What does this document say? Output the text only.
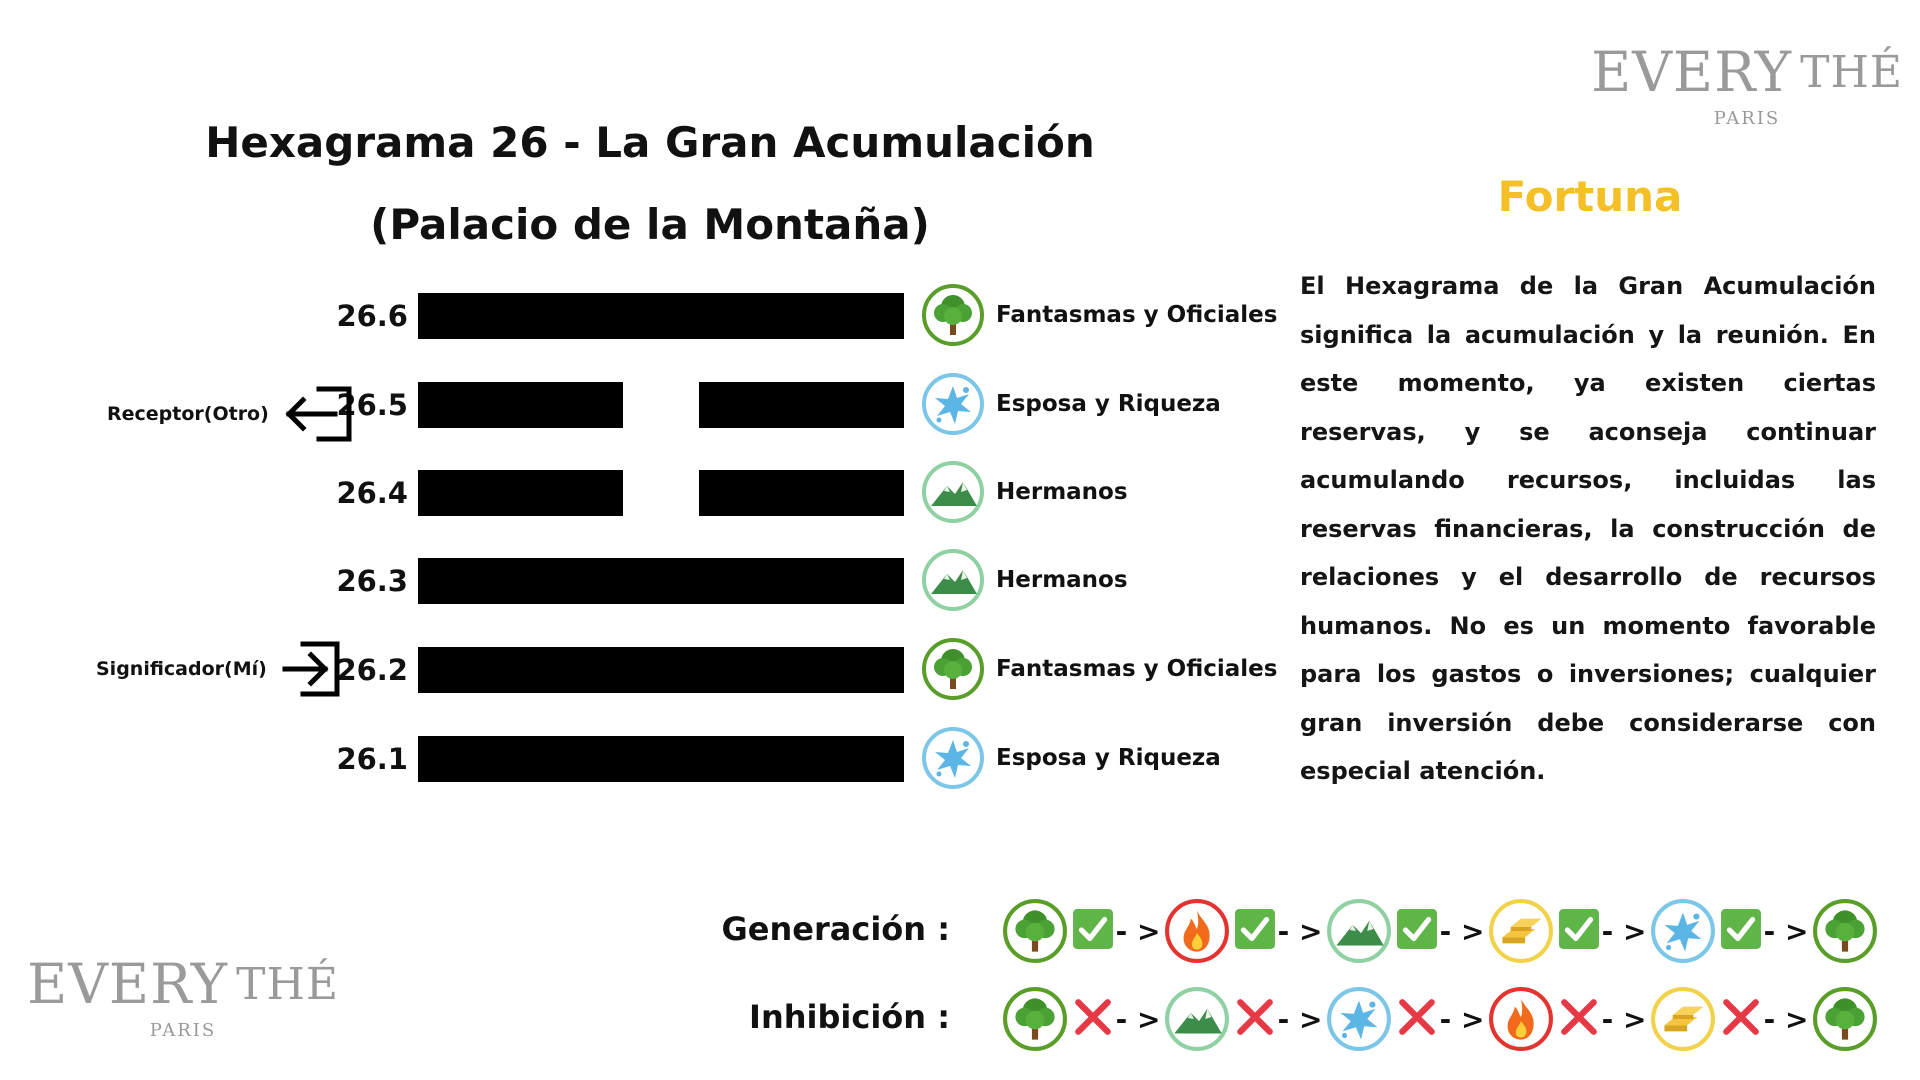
EVERY THÉ
PARIS
EVERY THÉ
PARIS
Hexagrama 26 - La Gran Acumulación
(Palacio de la Montaña)
26.6	Fantasmas y Oficiales
26.5	Esposa y Riqueza
26.4	Hermanos
26.3	Hermanos
26.2	Fantasmas y Oficiales
26.1	Esposa y Riqueza
Receptor(Otro)
Significador(Mí)
Fortuna
El Hexagrama de la Gran Acumulación significa la acumulación y la reunión. En este momento, ya existen ciertas reservas, y se aconseja continuar acumulando recursos, incluidas las reservas financieras, la construcción de relaciones y el desarrollo de recursos humanos. No es un momento favorable para los gastos o inversiones; cualquier gran inversión debe considerarse con especial atención.
Generación :	- >	- >	- >	- >	- >
Inhibición :	- >	- >	- >	- >	- >
